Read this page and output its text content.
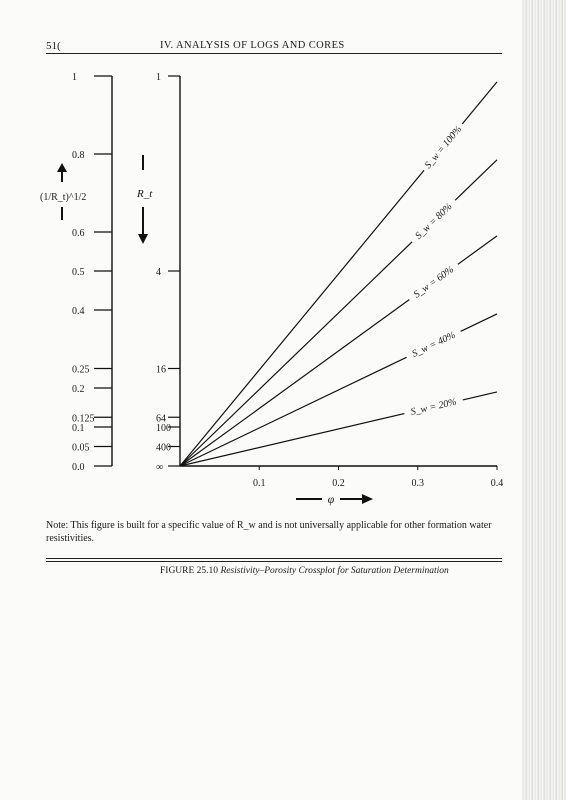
51(	IV. ANALYSIS OF LOGS AND CORES
1
0.8
0.6
0.5
0.4
0.25
0.2
0.125
0.1
0.05
0.0
1
4
16
64
100
400
∞
0.1	0.2	0.3	0.4
(1/R_t)^1/2	R_t
φ
S_w = 100%
S_w = 80%
S_w = 60%
S_w = 40%
S_w = 20%
Note: This figure is built for a specific value of R_w and is not universally applicable for other formation water resistivities.
FIGURE 25.10 Resistivity–Porosity Crossplot for Saturation Determination
